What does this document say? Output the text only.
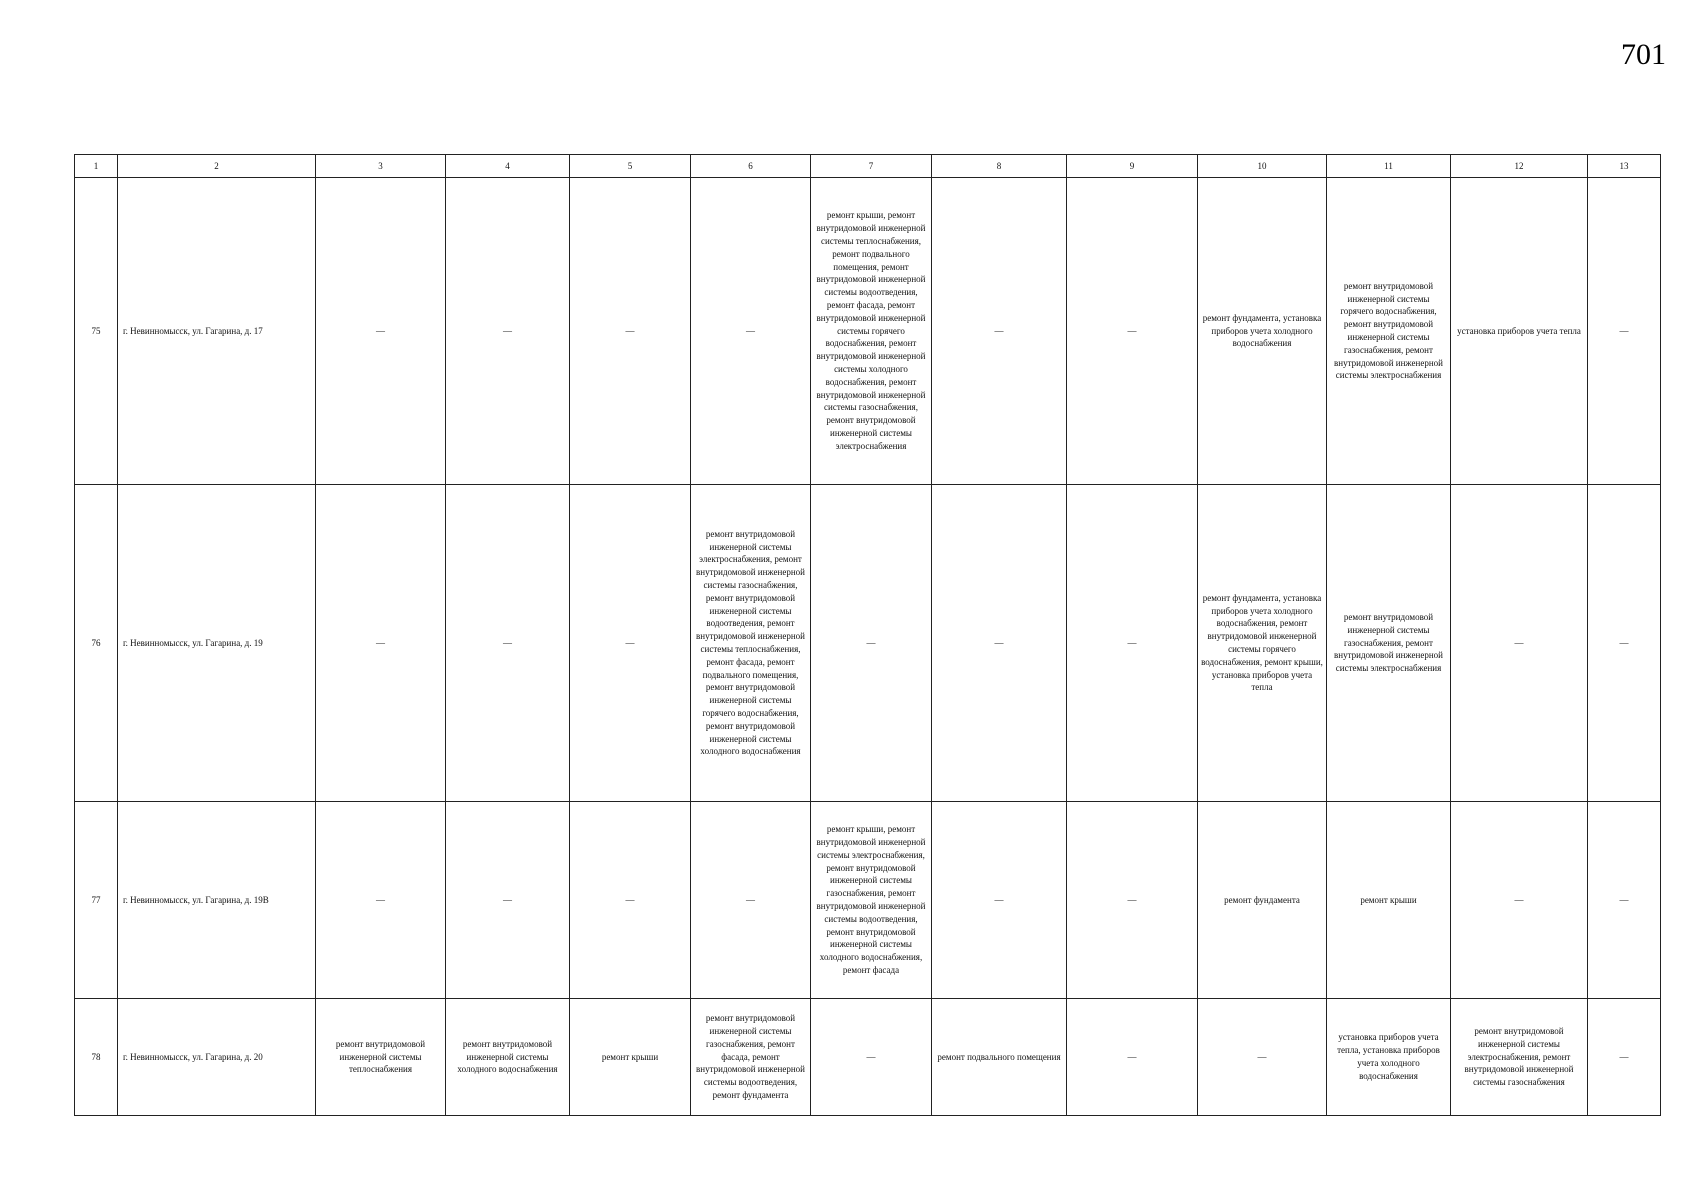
701
1	2	3	4	5	6	7	8	9	10	11	12	13
75	г. Невинномысск, ул. Гагарина, д. 17	—	—	—	—	ремонт крыши, ремонт внутридомовой инженерной системы теплоснабжения, ремонт подвального помещения, ремонт внутридомовой инженерной системы водоотведения, ремонт фасада, ремонт внутридомовой инженерной системы горячего водоснабжения, ремонт внутридомовой инженерной системы холодного водоснабжения, ремонт внутридомовой инженерной системы газоснабжения, ремонт внутридомовой инженерной системы электроснабжения	—	—	ремонт фундамента, установка приборов учета холодного водоснабжения	ремонт внутридомовой инженерной системы горячего водоснабжения, ремонт внутридомовой инженерной системы газоснабжения, ремонт внутридомовой инженерной системы электроснабжения	установка приборов учета тепла	—
76	г. Невинномысск, ул. Гагарина, д. 19	—	—	—	ремонт внутридомовой инженерной системы электроснабжения, ремонт внутридомовой инженерной системы газоснабжения, ремонт внутридомовой инженерной системы водоотведения, ремонт внутридомовой инженерной системы теплоснабжения, ремонт фасада, ремонт подвального помещения, ремонт внутридомовой инженерной системы горячего водоснабжения, ремонт внутридомовой инженерной системы холодного водоснабжения	—	—	—	ремонт фундамента, установка приборов учета холодного водоснабжения, ремонт внутридомовой инженерной системы горячего водоснабжения, ремонт крыши, установка приборов учета тепла	ремонт внутридомовой инженерной системы газоснабжения, ремонт внутридомовой инженерной системы электроснабжения	—	—
77	г. Невинномысск, ул. Гагарина, д. 19В	—	—	—	—	ремонт крыши, ремонт внутридомовой инженерной системы электроснабжения, ремонт внутридомовой инженерной системы газоснабжения, ремонт внутридомовой инженерной системы водоотведения, ремонт внутридомовой инженерной системы холодного водоснабжения, ремонт фасада	—	—	ремонт фундамента	ремонт крыши	—	—
78	г. Невинномысск, ул. Гагарина, д. 20	ремонт внутридомовой инженерной системы теплоснабжения	ремонт внутридомовой инженерной системы холодного водоснабжения	ремонт крыши	ремонт внутридомовой инженерной системы газоснабжения, ремонт фасада, ремонт внутридомовой инженерной системы водоотведения, ремонт фундамента	—	ремонт подвального помещения	—	—	установка приборов учета тепла, установка приборов учета холодного водоснабжения	ремонт внутридомовой инженерной системы электроснабжения, ремонт внутридомовой инженерной системы газоснабжения	—
